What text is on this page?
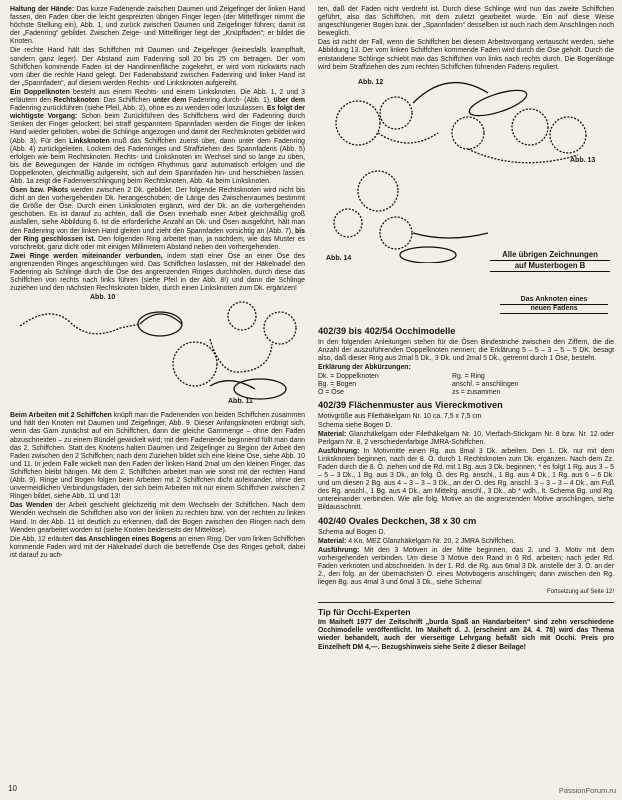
Haltung der Hände: Das kurze Fadenende zwischen Daumen und Zeigefinger der linken Hand fassen, den Faden über die leicht gespreizten übrigen Finger legen (der Mittelfinger nimmt die höchste Stellung ein), Abb. 1, und zurück zwischen Daumen und Zeigefinger führen; damit ist der „Fadenring“ gebildet. Zwischen Zeige- und Mittelfinger liegt der „Knüpffaden“; er bildet die Knoten.

Die rechte Hand hält das Schiffchen mit Daumen und Zeigefinger (keinesfalls krampfhaft, sondern ganz leger). Der Abstand zum Fadenring soll 20 bis 25 cm betragen. Der vom Schiffchen kommende Faden ist der Handinnenfläche zugekehrt, er wird vom rückwärts nach vorn über die rechte Hand gelegt. Der Fadenabstand zwischen Fadenring und linker Hand ist der „Spannfaden“, auf diesem werden Rechts- und Linksknoten aufgereiht.

Ein Doppelknoten besteht aus einem Rechts- und einem Linksknoten. Die Abb. 1, 2 und 3 erläutern den Rechtsknoten: Das Schiffchen unter dem Fadenring durch- (Abb. 1), über dem Fadenring zurückführen (siehe Pfeil, Abb. 2), ohne es zu wenden oder loszulassen. Es folgt der wichtigste Vorgang: Schon beim Zurückführen des Schiffchens wird der Fadenring durch Senken der Finger gelockert; bei straff gespanntem Spannfaden werden die Finger der linken Hand wieder gehoben, wobei die Schlinge angezogen und damit der Rechtsknoten gebildet wird (Abb. 3). Für den Linksknoten muß das Schiffchen zuerst über, dann unter dem Fadenring (Abb. 4) zurückgeleiten. Lockern des Fadenringes und Straffziehen des Spannfadens (Abb. 5) erfolgen wie beim Rechtsknoten. Rechts- und Linksknoten im Wechsel sind so lange zu üben, bis die Bewegungen der Hände im richtigen Rhythmus ganz automatisch erfolgen und die Doppelknoten, gleichmäßig aufgereiht, sich auf dem Spannfaden hin- und herschieben lassen. Abb. 1a zeigt die Fadenverschlingung beim Rechtsknoten, Abb. 4a beim Linksknoten.

Ösen bzw. Pikots werden zwischen 2 Dk. gebildet. Der folgende Rechtsknoten wird nicht bis dicht an den vorhergehenden Dk. herangeschoben; die Länge des Zwischenraumes bestimmt die Größe der Öse. Durch einen Linksknoten ergänzt, wird der Dk. an die vorhergehenden geschoben. Es ist darauf zu achten, daß die Ösen innerhalb einer Arbeit gleichmäßig groß ausfallen, siehe Abbildung 6. Ist die erforderliche Anzahl an Dk. und Ösen ausgeführt, hält man den Fadenring von der linken Hand gleiten und zieht den Spannfaden vorsichtig an (Abb. 7), bis der Ring geschlossen ist. Den folgenden Ring arbeitet man, ja nachdem, wie das Muster es vorschreibt, ganz dicht oder mit einigen Millimetern Abstand neben den vorhergehenden.

Zwei Ringe werden miteinander verbunden, indem statt einer Öse an einer Öse des angrenzenden Ringes angeschlungen wird. Das Schiffchen loslassen, mit der Häkelnadel den Fadenring als Schlinge durch die Öse des angrenzenden Ringes durchholen, durch diese das Schiffchen von rechts nach links führen (siehe Pfeil in der Abb. 8!) und dann die Schlinge zuziehen und den nächsten Rechtsknoten bilden, durch einen Linksknoten zum Dk. ergänzen!

Abb. 10
Abb. 11

Beim Arbeiten mit 2 Schiffchen knüpft man die Fadenenden von beiden Schiffchen zusammen und hält den Knoten mit Daumen und Zeigefinger, Abb. 9. Dieser Anfangsknoten erübrigt sich, wenn das Garn zunächst auf ein Schiffchen, dann die gleiche Garnmenge – ohne den Faden abzuschneiden – zu einem Bündel gewickelt wird; mit dem Fadenende beginnend füllt man dann das 2. Schiffchen. Statt des Knotens halten Daumen und Zeigefinger zu Beginn der Arbeit den Faden zwischen den 2 Schiffchen; nach dem Zuziehen bildet sich eine kleine Öse, siehe Abb. 10 und 11. In jedem Falle wickelt man den Faden der linken Hand 2mal um den kleinen Finger, das Schiffchen bleibt hängen. Mit dem 2. Schiffchen arbeitet man wie sonst mit der rechten Hand (Abb. 9). Ringe und Bogen folgen beim Arbeiten mit 2 Schiffchen dicht aufeinander, ohne den unvermeidlichen Verbindungsfaden, der sich beim Arbeiten mit nur einem Schiffchen zwischen 2 Ringen bildet, siehe Abb. 11 und 13!

Das Wenden der Arbeit geschieht gleichzeitig mit dem Wechseln der Schiffchen. Nach dem Wenden wechseln die Schiffchen also von der linken zu rechten bzw. von der rechten zu linken Hand. In der Abb. 11 ist deutlich zu erkennen, daß der Bogen zwischen den Ringen nach dem Wenden gearbeitet worden ist (siehe Knoten beiderseits der Mittelöse).

Die Abb. 12 erläutert das Anschlingen eines Bogens an einen Ring. Der vom linken Schiffchen kommende Faden wird mit der Häkelnadel durch die betreffende Öse des Ringes geholt, dabei ist darauf zu ach-

ten, daß der Faden nicht verdreht ist. Durch diese Schlinge wird nun das zweite Schiffchen geführt, also das Schiffchen, mit dem zuletzt gearbeitet wurde. Ein auf diese Weise angeschlungener Bogen bzw. der „Spannfaden“ desselben ist auch nach dem Anschlingen noch beweglich.

Das ist nicht der Fall, wenn die Schiffchen bei diesem Arbeitsvorgang vertauscht werden, siehe Abbildung 13. Der vom linken Schiffchen kommende Faden wird durch die Öse geholt. Durch die entstandene Schlinge schiebt man das Schiffchen von links nach rechts durch. Die Bogenlänge wird beim Straffziehen des zum rechten Schiffchen führenden Fadens reguliert.

Abb. 12
Abb. 13
Abb. 14
402/39 bis 402/54 Occhimodelle

In den folgenden Anleitungen stehen für die Ösen Bindestriche zwischen den Ziffern, die die Anzahl der auszuführenden Doppelknoten nennen; die Erklärung 5 – 5 – 3 – 5 – 5 DK. besagt also, daß dieser Ring aus 2mal 5 Dk., 3 Dk. und 2mal 5 Dk., getrennt durch 1 Öse, besteht.

Erklärung der Abkürzungen:

Dk. = Doppelknoten	Rg. = Ring
Bg. = Bogen	anschl. = anschlingen
Ö = Öse	zs = zusammen
402/39 Flächenmuster aus Viereckmotiven

Motivgröße aus Filethäkelgarn Nr. 10 ca. 7,5 x 7,5 cm
Schema siehe Bogen D.

Material: Glanzhäkelgarn oder Filethäkelgarn Nr. 10, Vierfach-Stickgarn Nr. 8 bzw. Nr. 12 oder Perlgarn Nr. 8, 2 verschiedenfarbige JMRA-Schiffchen.

Ausführung: In Motivmitte einen Rg. aus 8mal 3 Dk. arbeiten. Den 1. Dk. nur mit dem Linksknoten beginnen, nach der 8. Ö. durch 1 Rechtsknoten zum Dk. ergänzen. Nach dem Zz. Faden durch die 8. Ö. ziehen und die Rd. mit 1 Bg. aus 3 Dk. beginnen; * es folgt 1 Rg. aus 3 – 5 – 5 – 3 Dk., 1 Bg. aus 3 Dk., an folg. Ö. des Rg. anschl., 1 Bg. aus 4 Dk., 1 Rg. aus 6 – 6 Dk. und um diesen 2 Bg. aus 4 – 3 – 3 – 3 Dk., an der Ö. des Rg. anschl. 3 – 3 – 3 – 4 Dk., am Fuß des Rg. anschl., 1 Bg. aus 4 Dk., am Mittelrg. anschl., 3 Dk., ab * wdh., lt. Schema Bg. und Rg. untereinander verbinden. Wie alle folg. Motive an die angrenzenden Motive anschlingen, siehe Bildausschnitt.

402/40 Ovales Deckchen, 38 x 30 cm

Schema auf Bogen D.

Material: 4 Kn. MEZ Glanzhäkelgarn Nr. 20, 2 JMRA Schiffchen.

Ausführung: Mit den 3 Motiven in der Mitte beginnen, das 2. und 3. Motiv mit dem vorhergehenden verbinden. Um diese 3 Motive den Rand in 6 Rd. arbeiten; nach jeder Rd. Faden verknoten und abschneiden. In der 1. Rd. die Rg. aus 6mal 3 Dk. anstelle der 3. Ö. an der 2., den folg. an der übernächsten Ö. eines Motivbogens anschlingen; dann zwischen den Rg. liegen Bg. aus 4mal 3 und 6mal 3 Dk., siehe Schema!

Fortsetzung auf Seite 12!

Tip für Occhi-Experten

Im Maiheft 1977 der Zeitschrift „burda Spaß an Handarbeiten“ sind zehn verschiedene Occhimodelle veröffentlicht. Im Maiheft d. J. (erscheint am 24. 4. 78) wird das Thema wieder behandelt, auch der vierseitige Lehrgang befaßt sich mit Occhi. Preis pro Einzelheft DM 4,—. Bezugshinweis siehe Seite 2 dieser Beilage!

Alle übrigen Zeichnungen
auf Musterbogen B
Das Anknoten eines
neuen Fadens
10	PassionForum.ru
